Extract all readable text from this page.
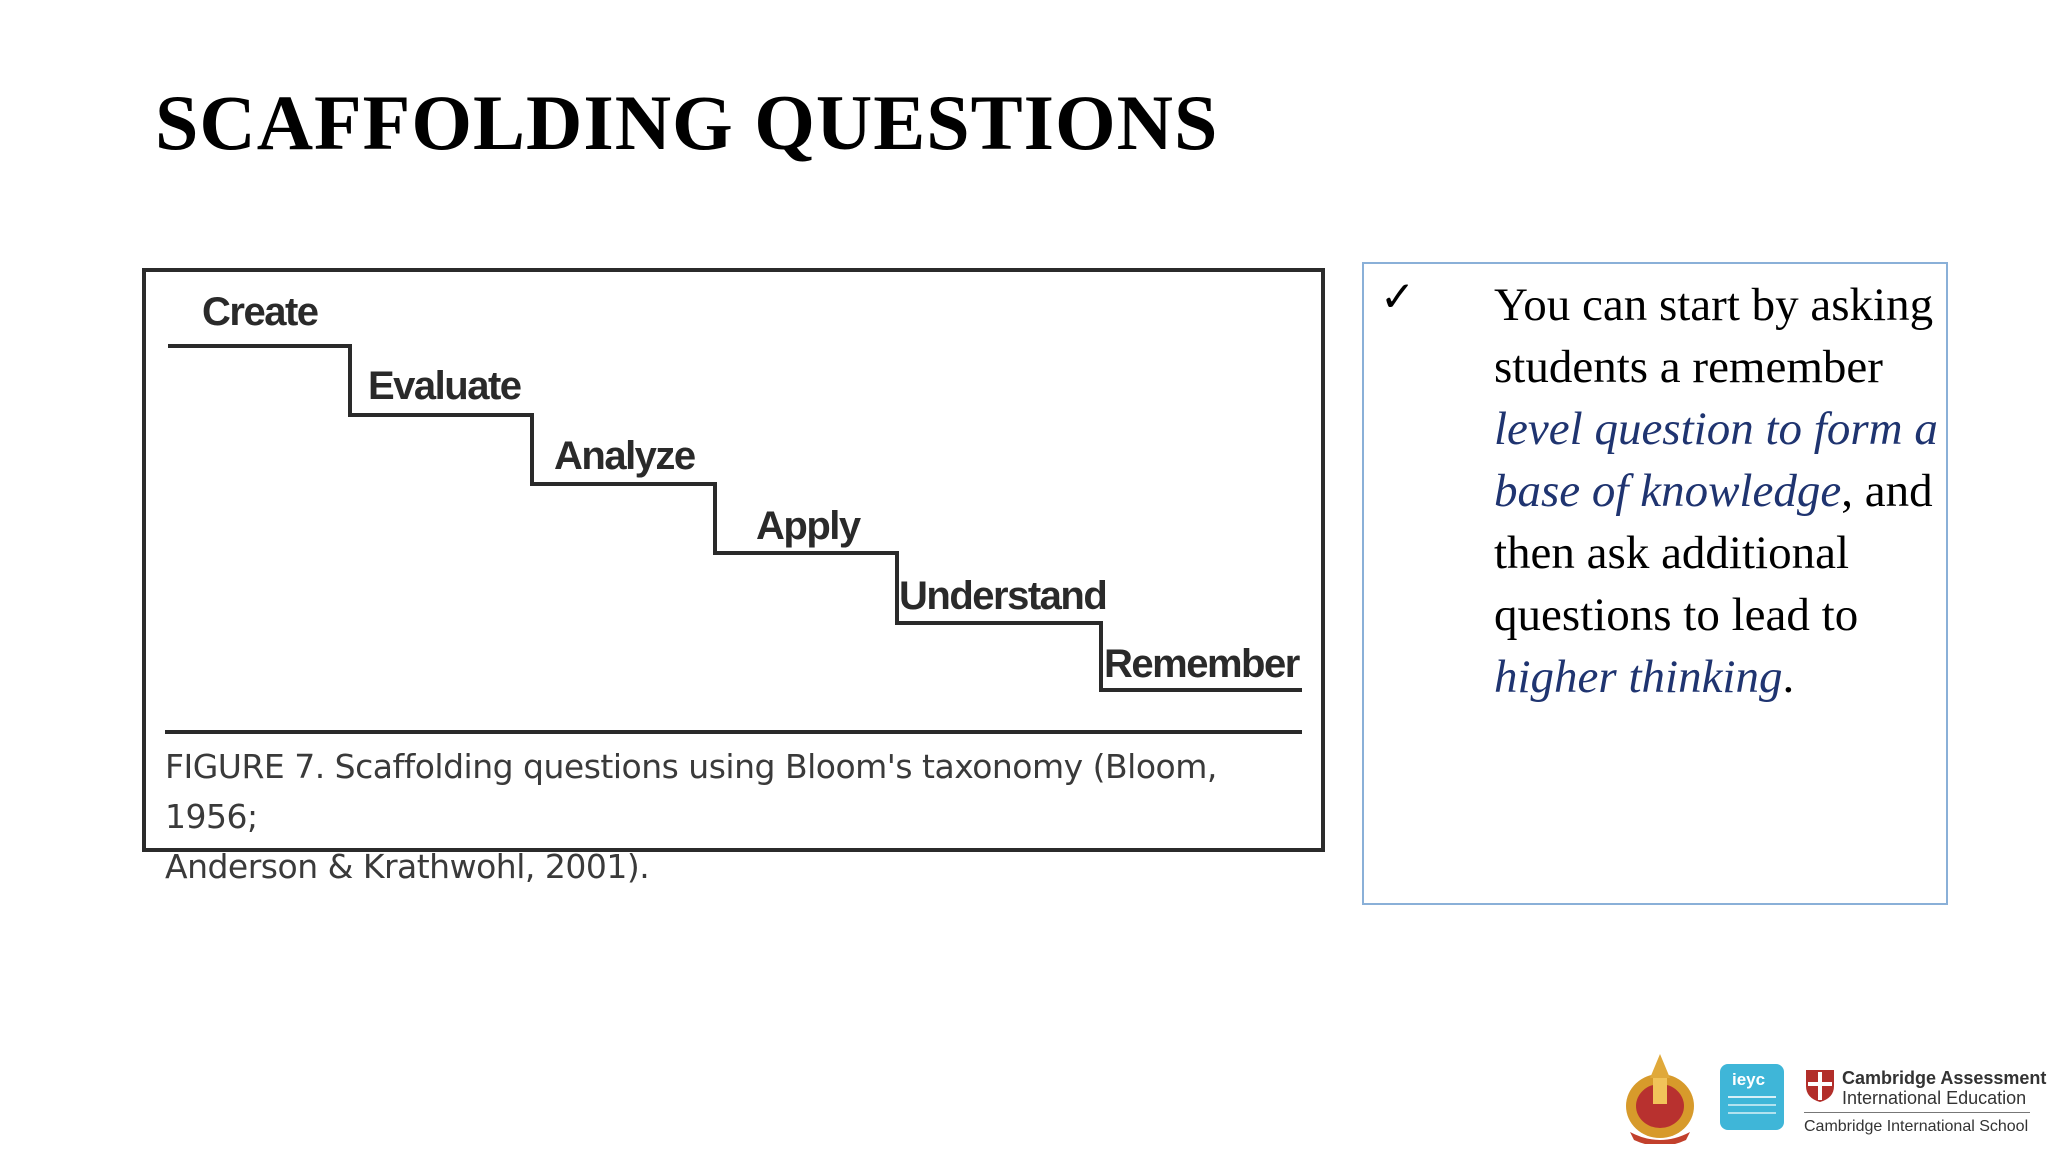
SCAFFOLDING QUESTIONS
Create
Evaluate
Analyze
Apply
Understand
Remember
FIGURE 7. Scaffolding questions using Bloom's taxonomy (Bloom, 1956;
Anderson & Krathwohl, 2001).
✓ You can start by asking students a remember level question to form a base of knowledge, and then ask additional questions to lead to higher thinking.
ieyc	Cambridge Assessment
International Education
Cambridge International School
